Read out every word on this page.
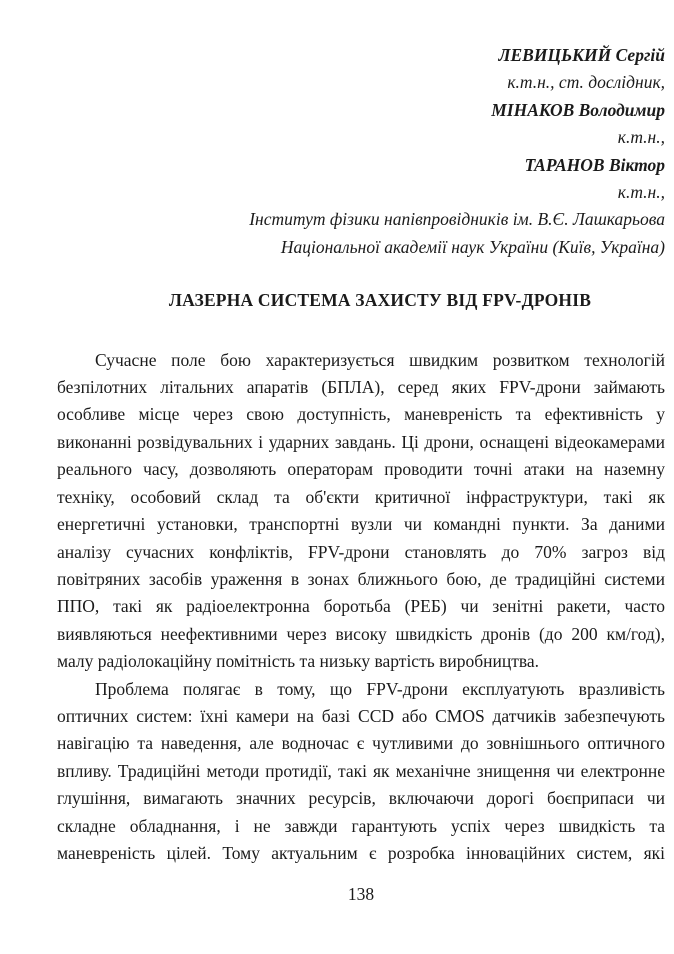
ЛЕВИЦЬКИЙ Сергій
к.т.н., ст. дослідник,
МІНАКОВ Володимир
к.т.н.,
ТАРАНОВ Віктор
к.т.н.,
Інститут фізики напівпровідників ім. В.Є. Лашкарьова
Національної академії наук України (Київ, Україна)
ЛАЗЕРНА СИСТЕМА ЗАХИСТУ ВІД FPV-ДРОНІВ

Сучасне поле бою характеризується швидким розвитком технологій безпілотних літальних апаратів (БПЛА), серед яких FPV-дрони займають особливе місце через свою доступність, маневреність та ефективність у виконанні розвідувальних і ударних завдань. Ці дрони, оснащені відеокамерами реального часу, дозволяють операторам проводити точні атаки на наземну техніку, особовий склад та об'єкти критичної інфраструктури, такі як енергетичні установки, транспортні вузли чи командні пункти. За даними аналізу сучасних конфліктів, FPV-дрони становлять до 70% загроз від повітряних засобів ураження в зонах ближнього бою, де традиційні системи ППО, такі як радіоелектронна боротьба (РЕБ) чи зенітні ракети, часто виявляються неефективними через високу швидкість дронів (до 200 км/год), малу радіолокаційну помітність та низьку вартість виробництва.

Проблема полягає в тому, що FPV-дрони експлуатують вразливість оптичних систем: їхні камери на базі CCD або CMOS датчиків забезпечують навігацію та наведення, але водночас є чутливими до зовнішнього оптичного впливу. Традиційні методи протидії, такі як механічне знищення чи електронне глушіння, вимагають значних ресурсів, включаючи дорогі боєприпаси чи складне обладнання, і не завжди гарантують успіх через швидкість та маневреність цілей. Тому актуальним є розробка інноваційних систем, які

138
